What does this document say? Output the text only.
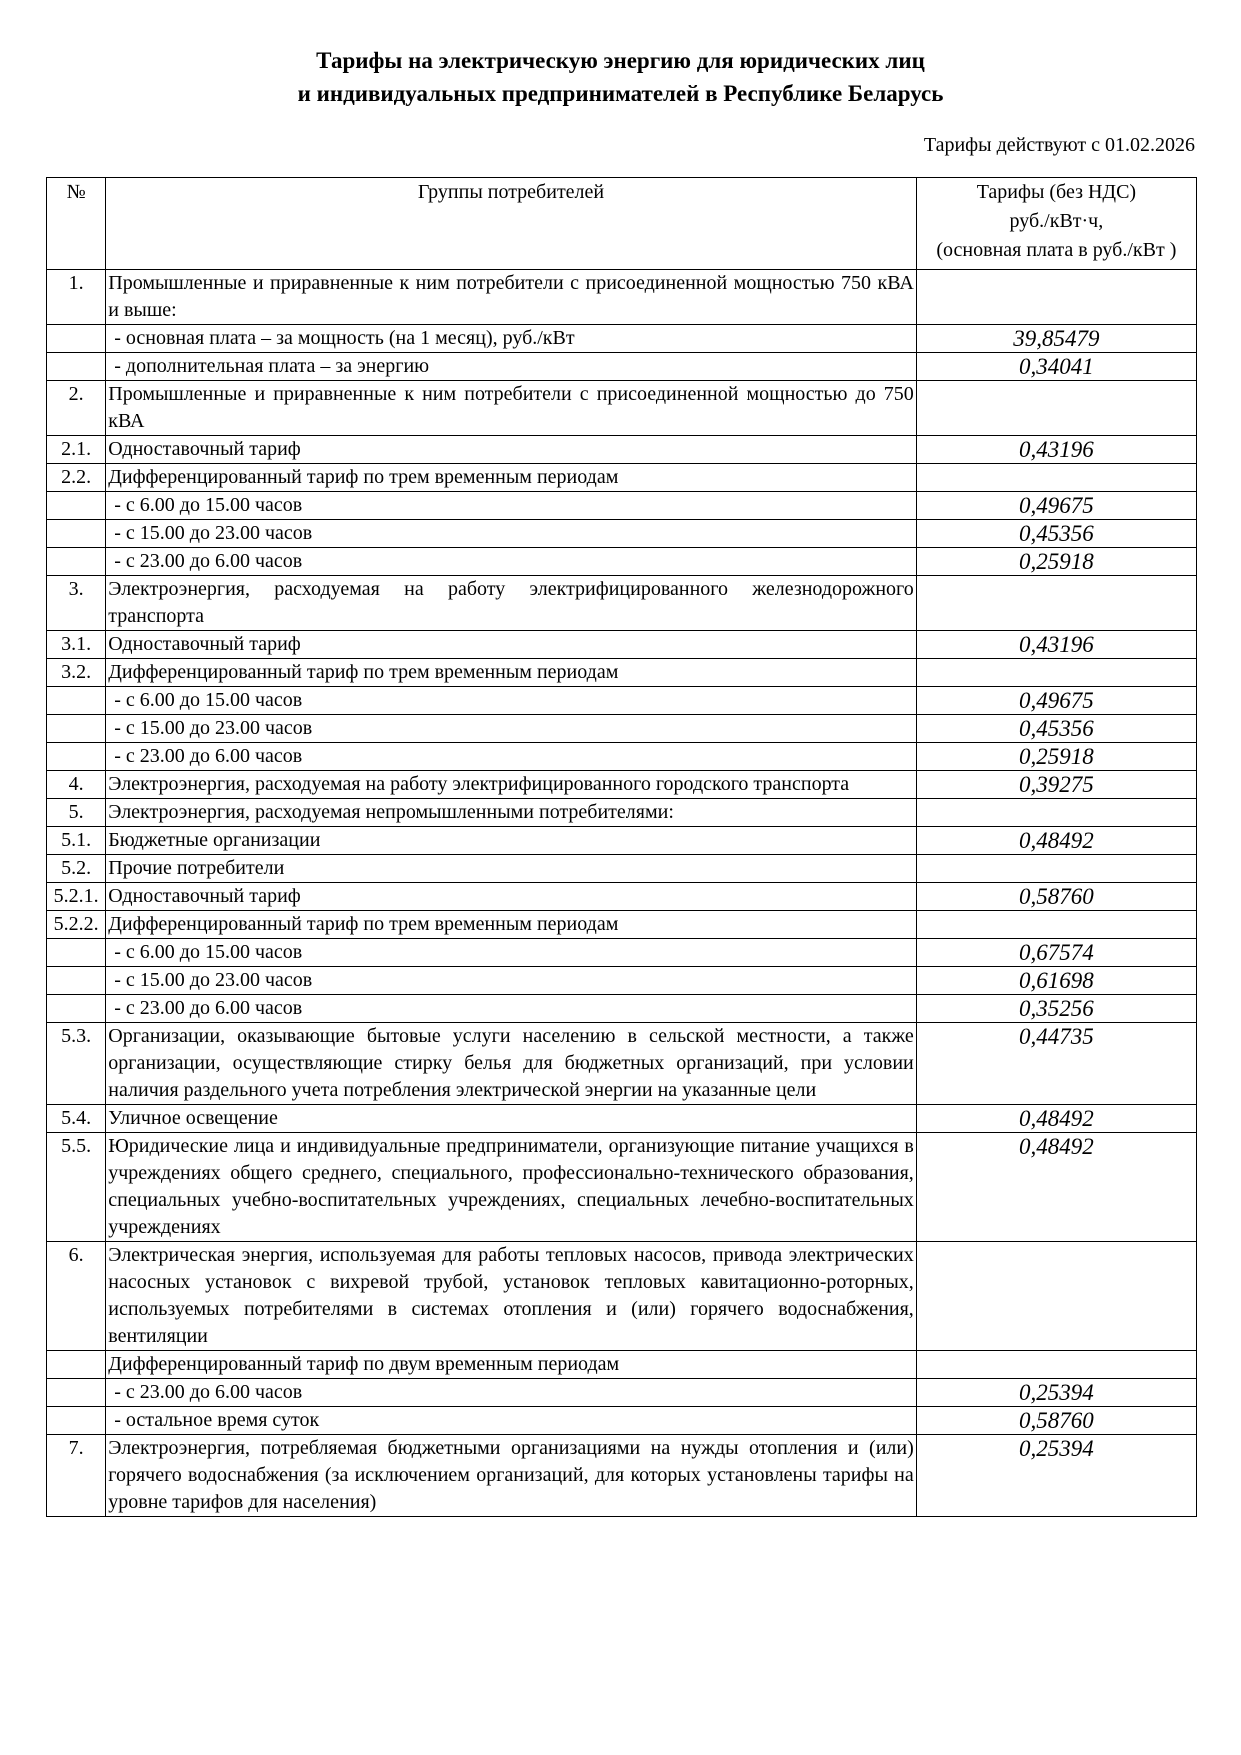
Тарифы на электрическую энергию для юридических лиц
и индивидуальных предпринимателей в Республике Беларусь
Тарифы действуют с 01.02.2026
№	Группы потребителей	Тарифы (без НДС)
руб./кВт·ч,
(основная плата в руб./кВт )

1.	Промышленные и приравненные к ним потребители с присоединенной мощностью 750 кВА и выше:	
	- основная плата – за мощность (на 1 месяц), руб./кВт	39,85479
	- дополнительная плата – за энергию	0,34041
2.	Промышленные и приравненные к ним потребители с присоединенной мощностью до 750 кВА	
2.1.	Одноставочный тариф	0,43196
2.2.	Дифференцированный тариф по трем временным периодам	
	- с 6.00 до 15.00 часов	0,49675
	- с 15.00 до 23.00 часов	0,45356
	- с 23.00 до 6.00 часов	0,25918
3.	Электроэнергия, расходуемая на работу электрифицированного железнодорожного транспорта	
3.1.	Одноставочный тариф	0,43196
3.2.	Дифференцированный тариф по трем временным периодам	
	- с 6.00 до 15.00 часов	0,49675
	- с 15.00 до 23.00 часов	0,45356
	- с 23.00 до 6.00 часов	0,25918
4.	Электроэнергия, расходуемая на работу электрифицированного городского транспорта	0,39275
5.	Электроэнергия, расходуемая непромышленными потребителями:	
5.1.	Бюджетные организации	0,48492
5.2.	Прочие потребители	
5.2.1.	Одноставочный тариф	0,58760
5.2.2.	Дифференцированный тариф по трем временным периодам	
	- с 6.00 до 15.00 часов	0,67574
	- с 15.00 до 23.00 часов	0,61698
	- с 23.00 до 6.00 часов	0,35256
5.3.	Организации, оказывающие бытовые услуги населению в сельской местности, а также организации, осуществляющие стирку белья для бюджетных организаций, при условии наличия раздельного учета потребления электрической энергии на указанные цели	0,44735
5.4.	Уличное освещение	0,48492
5.5.	Юридические лица и индивидуальные предприниматели, организующие питание учащихся в учреждениях общего среднего, специального, профессионально-технического образования, специальных учебно-воспитательных учреждениях, специальных лечебно-воспитательных учреждениях	0,48492
6.	Электрическая энергия, используемая для работы тепловых насосов, привода электрических насосных установок с вихревой трубой, установок тепловых кавитационно-роторных, используемых потребителями в системах отопления и (или) горячего водоснабжения, вентиляции	
	Дифференцированный тариф по двум временным периодам	
	- с 23.00 до 6.00 часов	0,25394
	- остальное время суток	0,58760
7.	Электроэнергия, потребляемая бюджетными организациями на нужды отопления и (или) горячего водоснабжения (за исключением организаций, для которых установлены тарифы на уровне тарифов для населения)	0,25394
